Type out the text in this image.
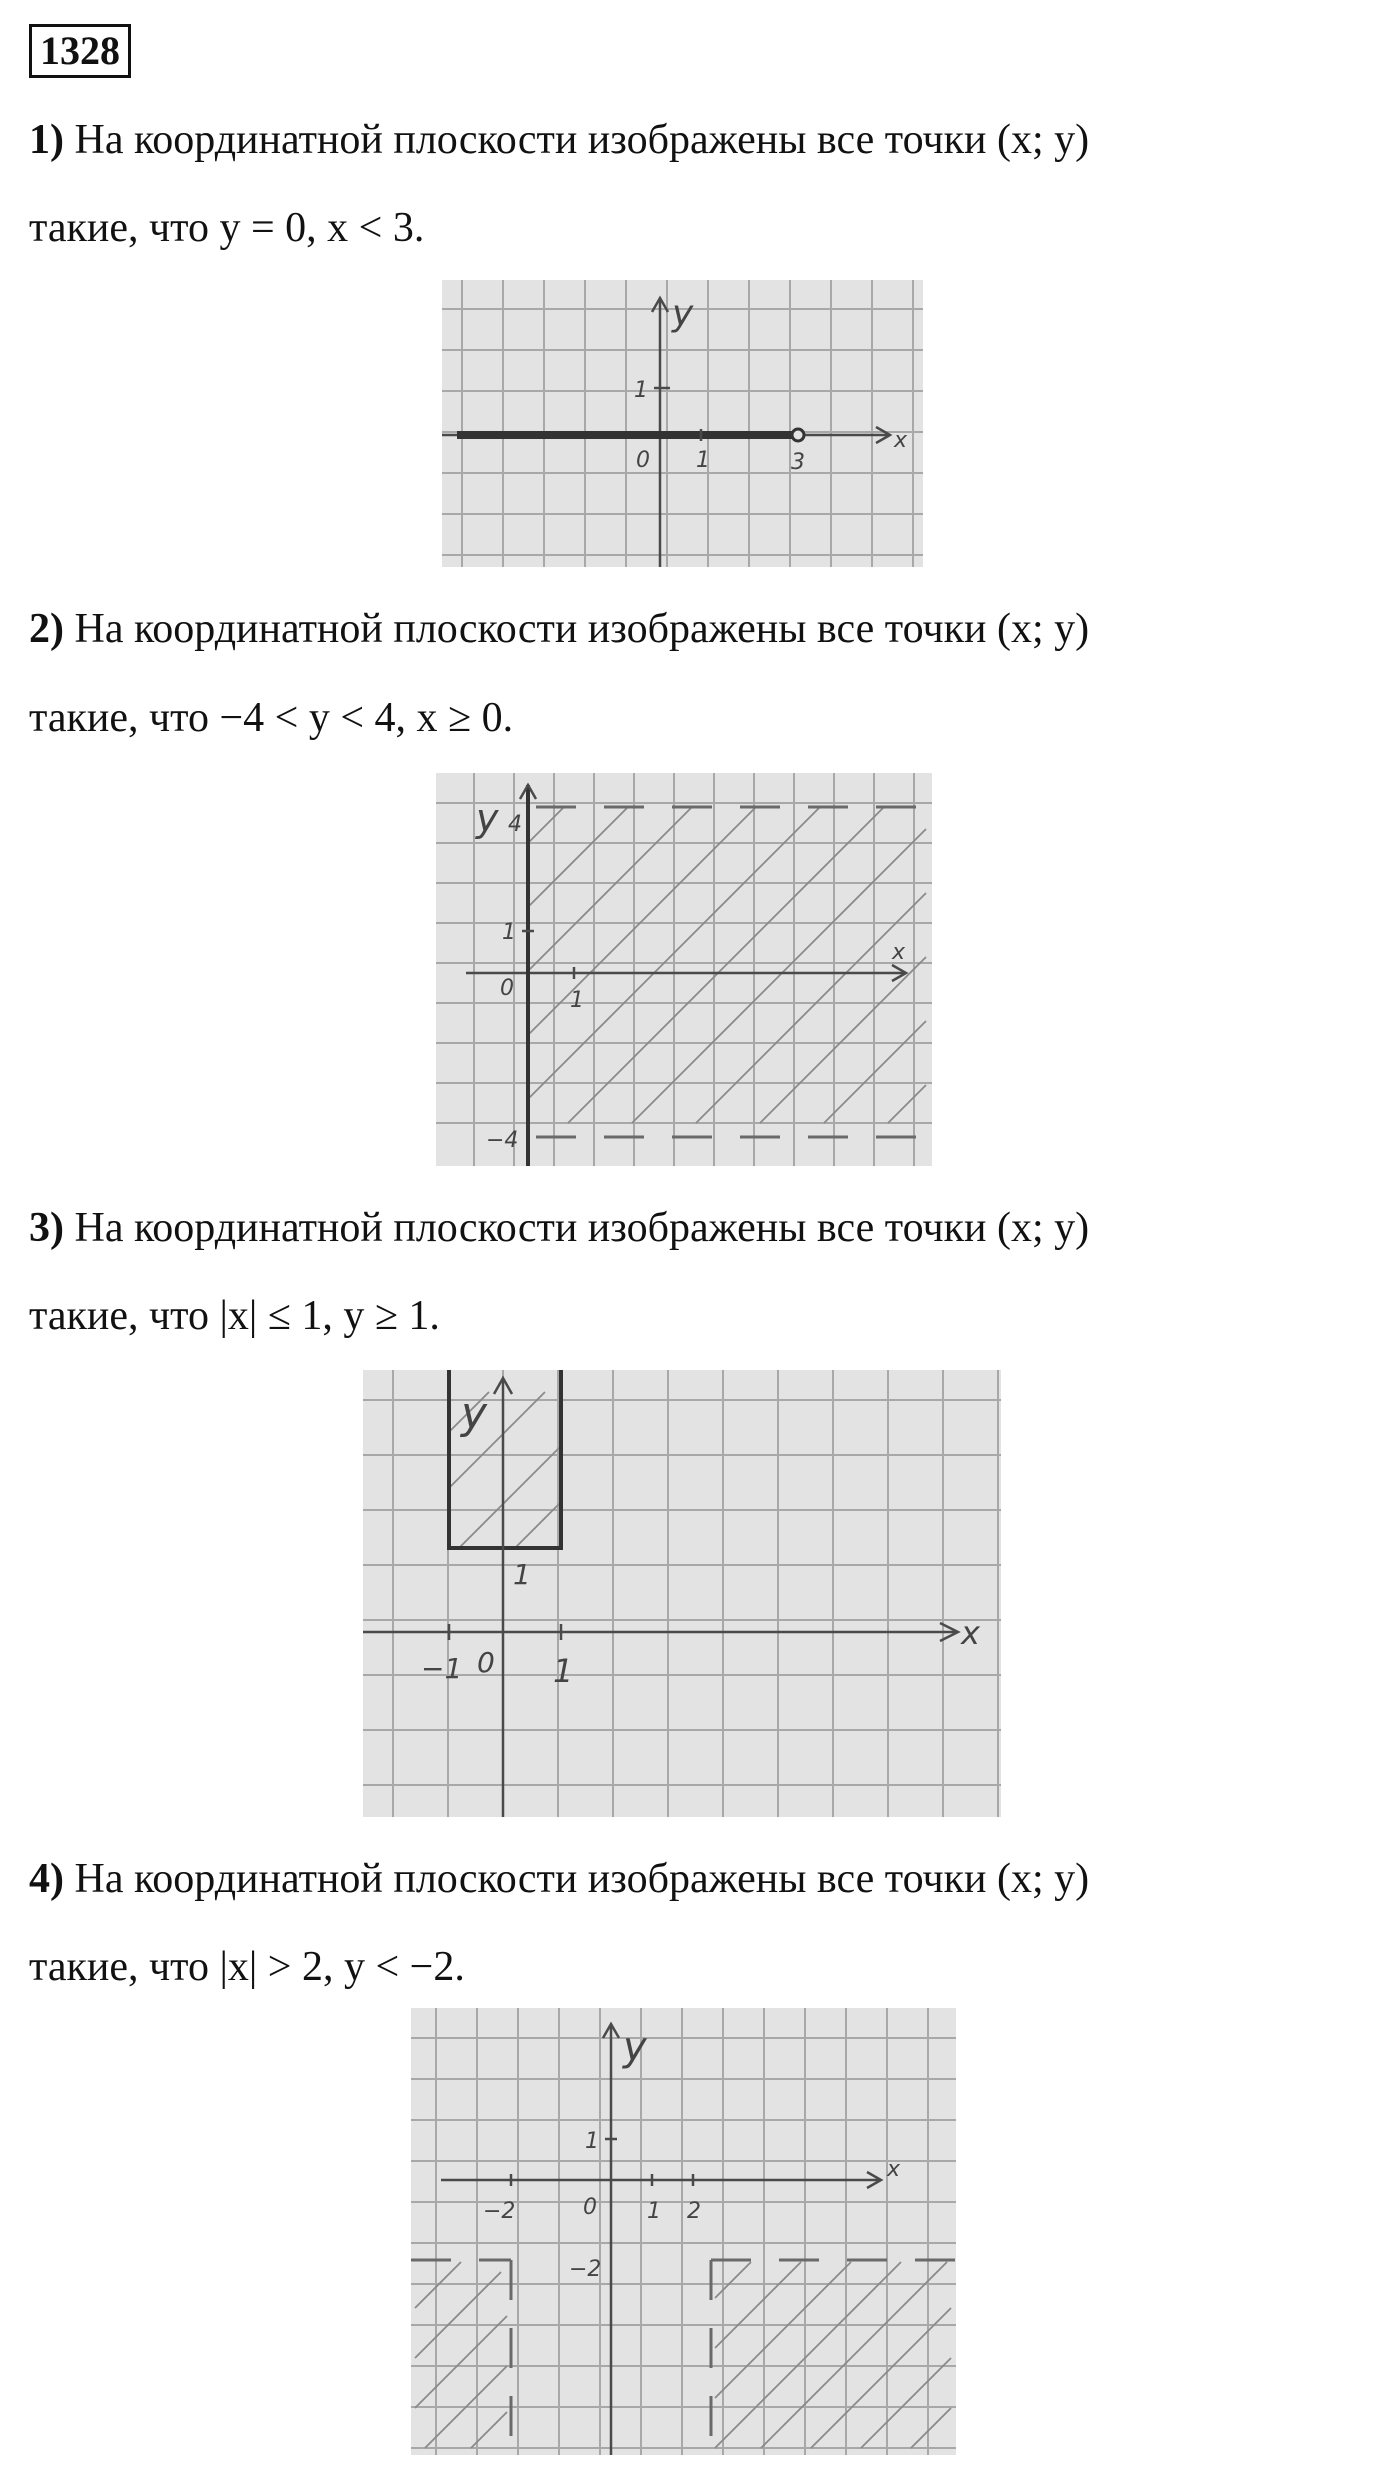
1328
1) На координатной плоскости изображены все точки (x; y)
такие, что y = 0, x < 3.
y
x
1
0 1	3
2) На координатной плоскости изображены все точки (x; y)
такие, что −4 < y < 4, x ≥ 0.
y
x
4
1
0	1
−4
3) На координатной плоскости изображены все точки (x; y)
такие, что |x| ≤ 1, y ≥ 1.
y
x
1
−1 0 1
4) На координатной плоскости изображены все точки (x; y)
такие, что |x| > 2, y < −2.
y
x
1
−2	0 1 2
−2
